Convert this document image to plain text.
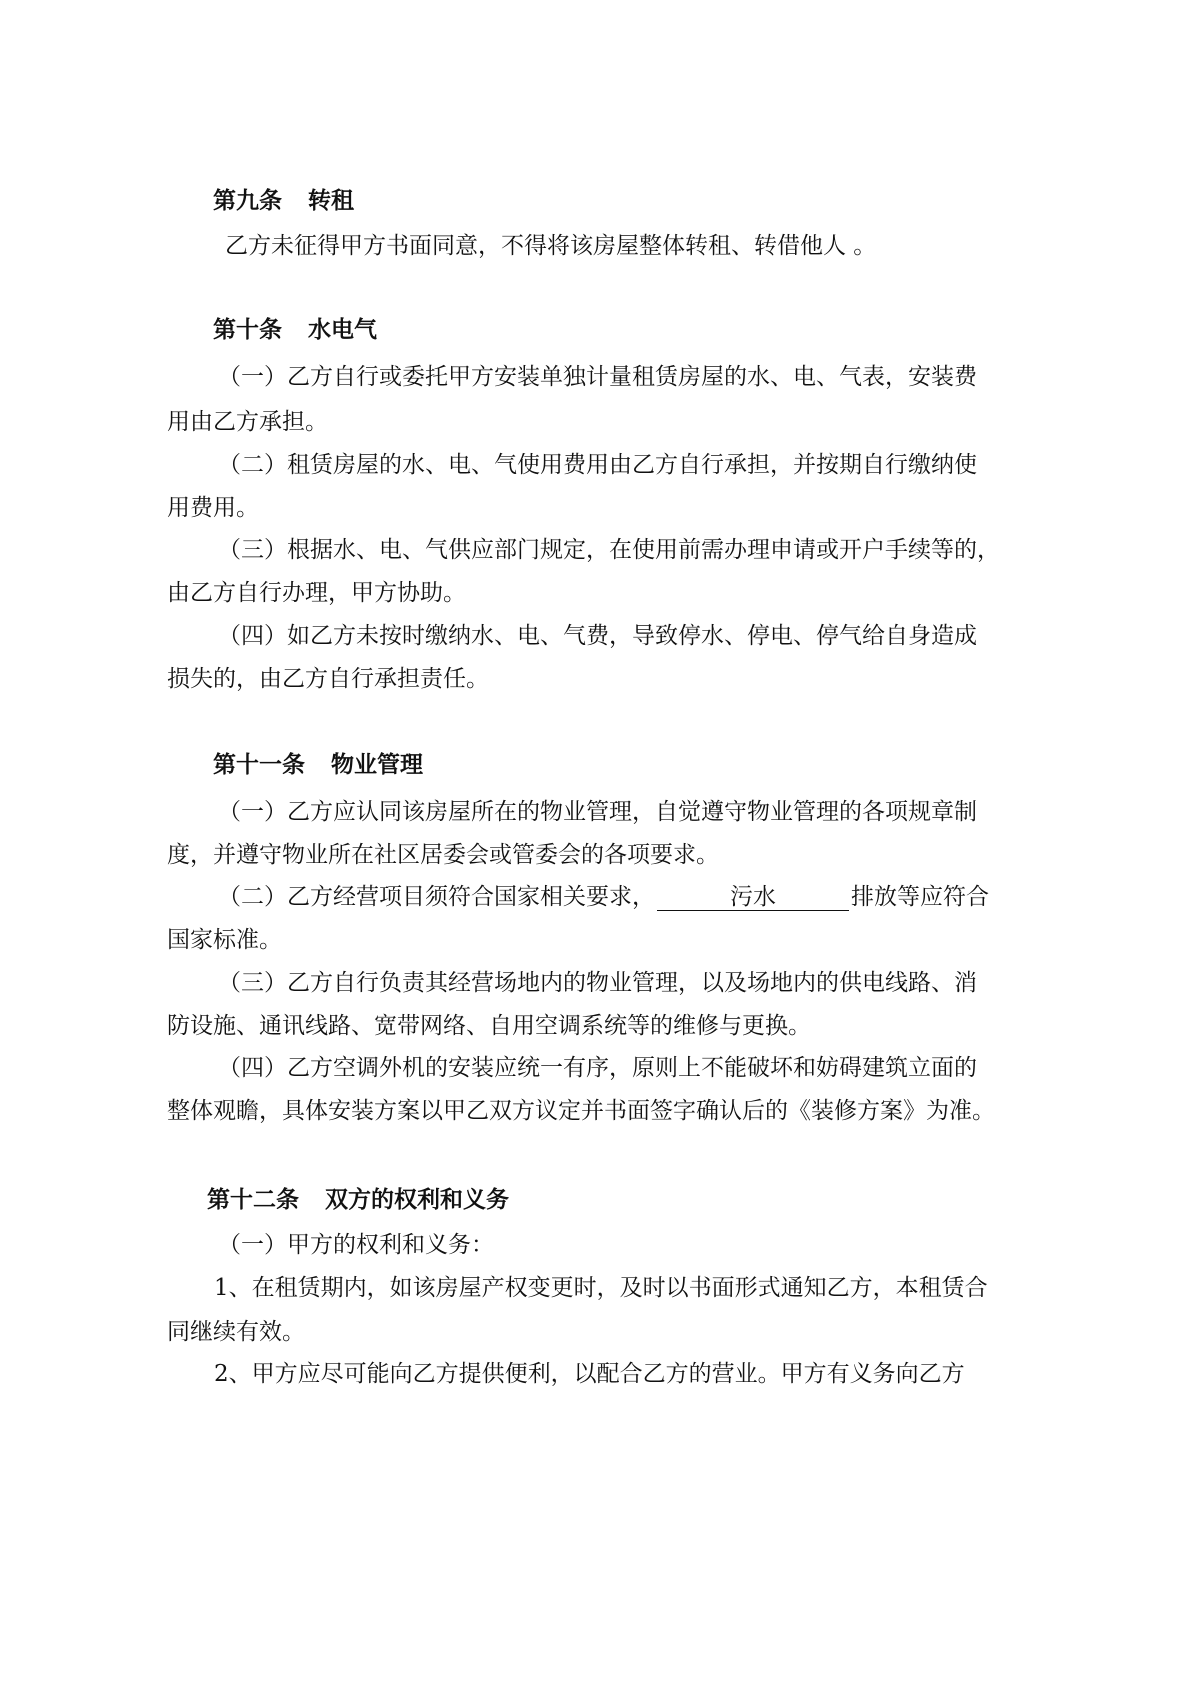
第九条 转租
乙方未征得甲方书面同意，不得将该房屋整体转租、转借他人 。
第十条 水电气
（一）乙方自行或委托甲方安装单独计量租赁房屋的水、电、气表，安装费
用由乙方承担。
（二）租赁房屋的水、电、气使用费用由乙方自行承担，并按期自行缴纳使
用费用。
（三）根据水、电、气供应部门规定，在使用前需办理申请或开户手续等的，
由乙方自行办理，甲方协助。
（四）如乙方未按时缴纳水、电、气费，导致停水、停电、停气给自身造成
损失的，由乙方自行承担责任。
第十一条 物业管理
（一）乙方应认同该房屋所在的物业管理，自觉遵守物业管理的各项规章制
度，并遵守物业所在社区居委会或管委会的各项要求。
（二）乙方经营项目须符合国家相关要求，	污水	排放等应符合
国家标准。
（三）乙方自行负责其经营场地内的物业管理，以及场地内的供电线路、消
防设施、通讯线路、宽带网络、自用空调系统等的维修与更换。
（四）乙方空调外机的安装应统一有序，原则上不能破坏和妨碍建筑立面的
整体观瞻，具体安装方案以甲乙双方议定并书面签字确认后的《装修方案》为准。
第十二条 双方的权利和义务
（一）甲方的权利和义务：
1、在租赁期内，如该房屋产权变更时，及时以书面形式通知乙方，本租赁合
同继续有效。
2、甲方应尽可能向乙方提供便利，以配合乙方的营业。甲方有义务向乙方
